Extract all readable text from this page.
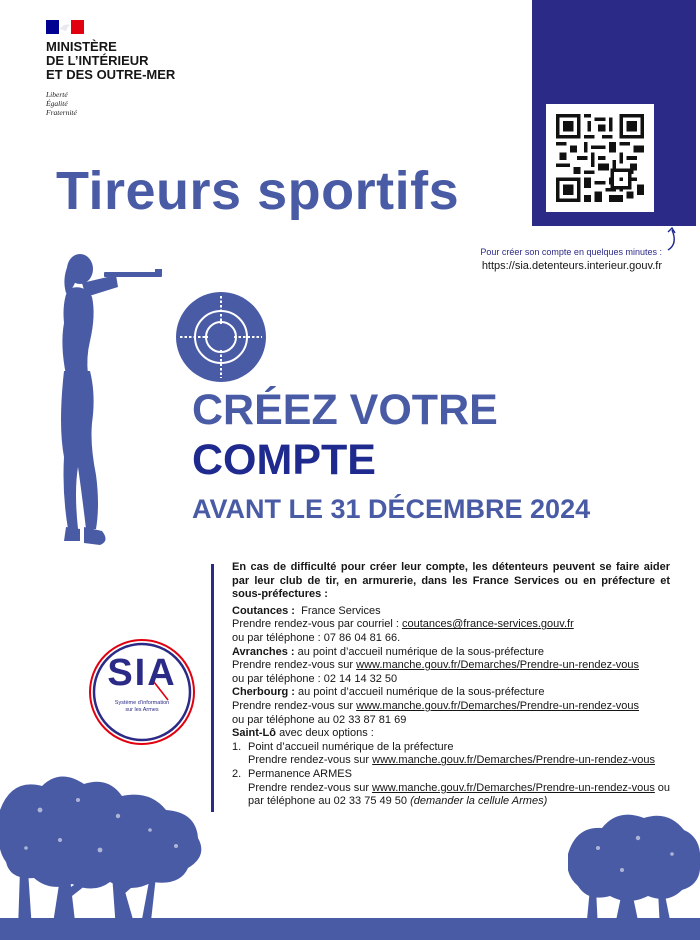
MINISTÈRE
DE L’INTÉRIEUR
ET DES OUTRE-MER
Liberté
Égalité
Fraternité
Pour créer son compte en quelques minutes :
https://sia.detenteurs.interieur.gouv.fr
Tireurs sportifs
CRÉEZ VOTRE
COMPTE
AVANT LE 31 DÉCEMBRE 2024
En cas de difficulté pour créer leur compte, les détenteurs peuvent se faire aider par leur club de tir, en armurerie, dans les France Services ou en préfecture et sous-préfectures :
Coutances : France Services
Prendre rendez-vous par courriel : coutances@france-services.gouv.fr
ou par téléphone : 07 86 04 81 66.
Avranches : au point d’accueil numérique de la sous-préfecture
Prendre rendez-vous sur www.manche.gouv.fr/Demarches/Prendre-un-rendez-vous
ou par téléphone : 02 14 14 32 50
Cherbourg : au point d’accueil numérique de la sous-préfecture
Prendre rendez-vous sur www.manche.gouv.fr/Demarches/Prendre-un-rendez-vous
ou par téléphone au 02 33 87 81 69
Saint-Lô avec deux options :
1. Point d’accueil numérique de la préfecture
Prendre rendez-vous sur www.manche.gouv.fr/Demarches/Prendre-un-rendez-vous
2. Permanence ARMES
Prendre rendez-vous sur www.manche.gouv.fr/Demarches/Prendre-un-rendez-vous ou
par téléphone au 02 33 75 49 50 (demander la cellule Armes)
SIA
Système d’information
sur les Armes
